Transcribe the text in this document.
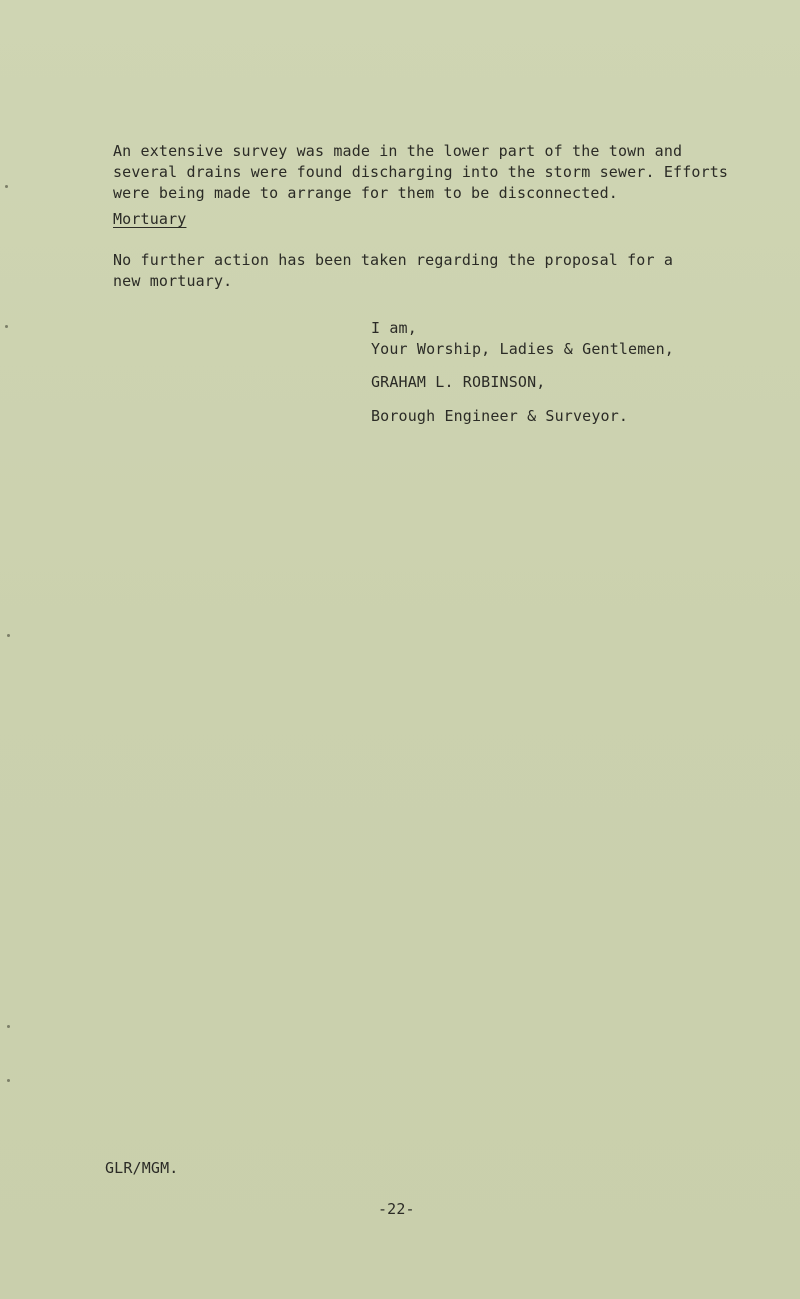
An extensive survey was made in the lower part of the town and
several drains were found discharging into the storm sewer. Efforts
were being made to arrange for them to be disconnected.
Mortuary
No further action has been taken regarding the proposal for a
new mortuary.
I am,
Your Worship, Ladies & Gentlemen,
GRAHAM L. ROBINSON,
Borough Engineer & Surveyor.
GLR/MGM.
-22-
